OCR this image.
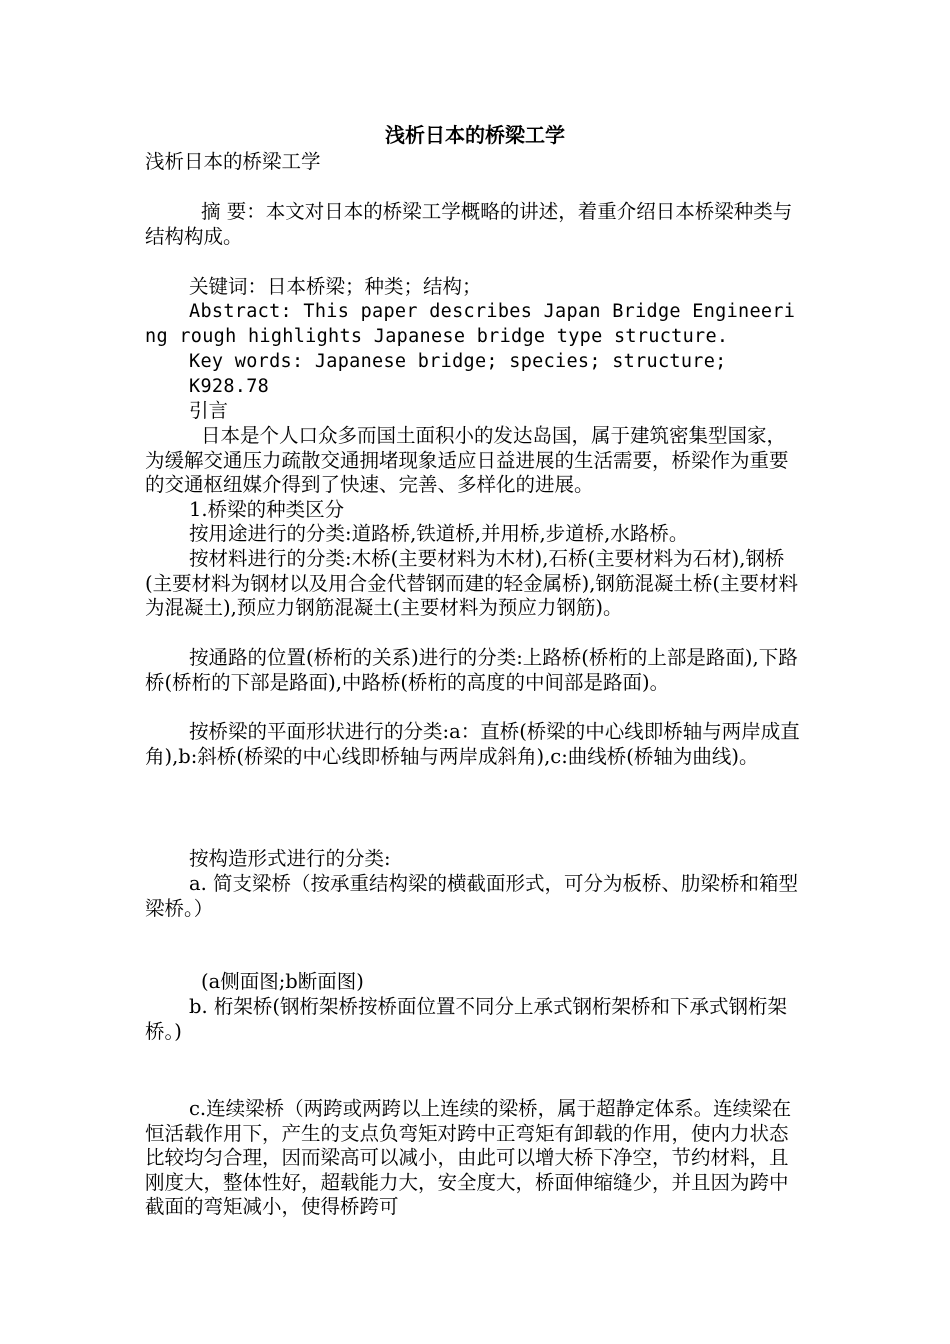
浅析日本的桥梁工学

浅析日本的桥梁工学

摘 要：本文对日本的桥梁工学概略的讲述，着重介绍日本桥梁种类与结构构成。

关键词：日本桥梁；种类；结构；

Abstract: This paper describes Japan Bridge Engineering rough highlights Japanese bridge type structure.

Key words: Japanese bridge; species; structure;

K928.78

引言

日本是个人口众多而国土面积小的发达岛国，属于建筑密集型国家，为缓解交通压力疏散交通拥堵现象适应日益进展的生活需要，桥梁作为重要的交通枢纽媒介得到了快速、完善、多样化的进展。

1.桥梁的种类区分

按用途进行的分类:道路桥,铁道桥,并用桥,步道桥,水路桥。

按材料进行的分类:木桥(主要材料为木材),石桥(主要材料为石材),钢桥(主要材料为钢材以及用合金代替钢而建的轻金属桥),钢筋混凝土桥(主要材料为混凝土),预应力钢筋混凝土(主要材料为预应力钢筋)。

按通路的位置(桥桁的关系)进行的分类:上路桥(桥桁的上部是路面),下路桥(桥桁的下部是路面),中路桥(桥桁的高度的中间部是路面)。

按桥梁的平面形状进行的分类:a：直桥(桥梁的中心线即桥轴与两岸成直角),b:斜桥(桥梁的中心线即桥轴与两岸成斜角),c:曲线桥(桥轴为曲线)。

按构造形式进行的分类:

a. 简支梁桥（按承重结构梁的横截面形式，可分为板桥、肋梁桥和箱型梁桥。）

(a侧面图;b断面图)

b. 桁架桥(钢桁架桥按桥面位置不同分上承式钢桁架桥和下承式钢桁架桥。)

c.连续梁桥（两跨或两跨以上连续的梁桥，属于超静定体系。连续梁在恒活载作用下，产生的支点负弯矩对跨中正弯矩有卸载的作用，使内力状态比较均匀合理，因而梁高可以减小，由此可以增大桥下净空，节约材料，且刚度大，整体性好，超载能力大，安全度大，桥面伸缩缝少，并且因为跨中截面的弯矩减小，使得桥跨可
